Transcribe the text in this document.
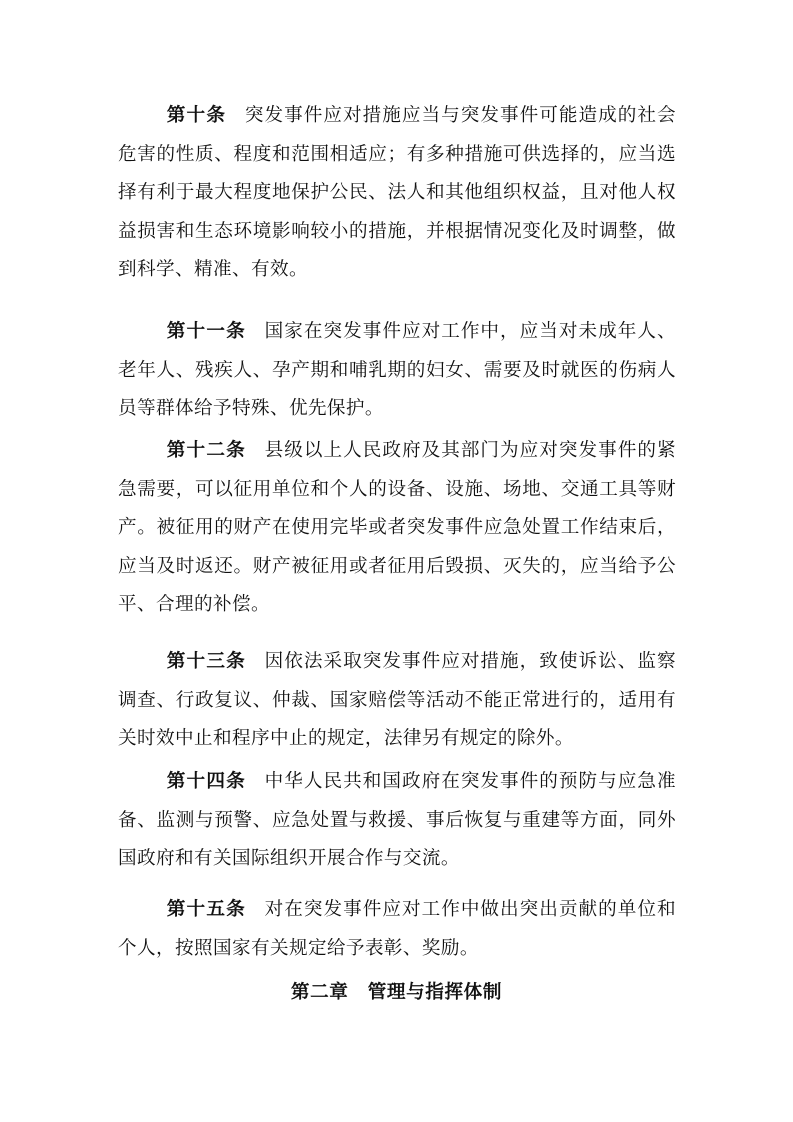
第十条 突发事件应对措施应当与突发事件可能造成的社会危害的性质、程度和范围相适应；有多种措施可供选择的，应当选择有利于最大程度地保护公民、法人和其他组织权益，且对他人权益损害和生态环境影响较小的措施，并根据情况变化及时调整，做到科学、精准、有效。

第十一条 国家在突发事件应对工作中，应当对未成年人、老年人、残疾人、孕产期和哺乳期的妇女、需要及时就医的伤病人员等群体给予特殊、优先保护。

第十二条 县级以上人民政府及其部门为应对突发事件的紧急需要，可以征用单位和个人的设备、设施、场地、交通工具等财产。被征用的财产在使用完毕或者突发事件应急处置工作结束后，应当及时返还。财产被征用或者征用后毁损、灭失的，应当给予公平、合理的补偿。

第十三条 因依法采取突发事件应对措施，致使诉讼、监察调查、行政复议、仲裁、国家赔偿等活动不能正常进行的，适用有关时效中止和程序中止的规定，法律另有规定的除外。

第十四条 中华人民共和国政府在突发事件的预防与应急准备、监测与预警、应急处置与救援、事后恢复与重建等方面，同外国政府和有关国际组织开展合作与交流。

第十五条 对在突发事件应对工作中做出突出贡献的单位和个人，按照国家有关规定给予表彰、奖励。

第二章　管理与指挥体制
